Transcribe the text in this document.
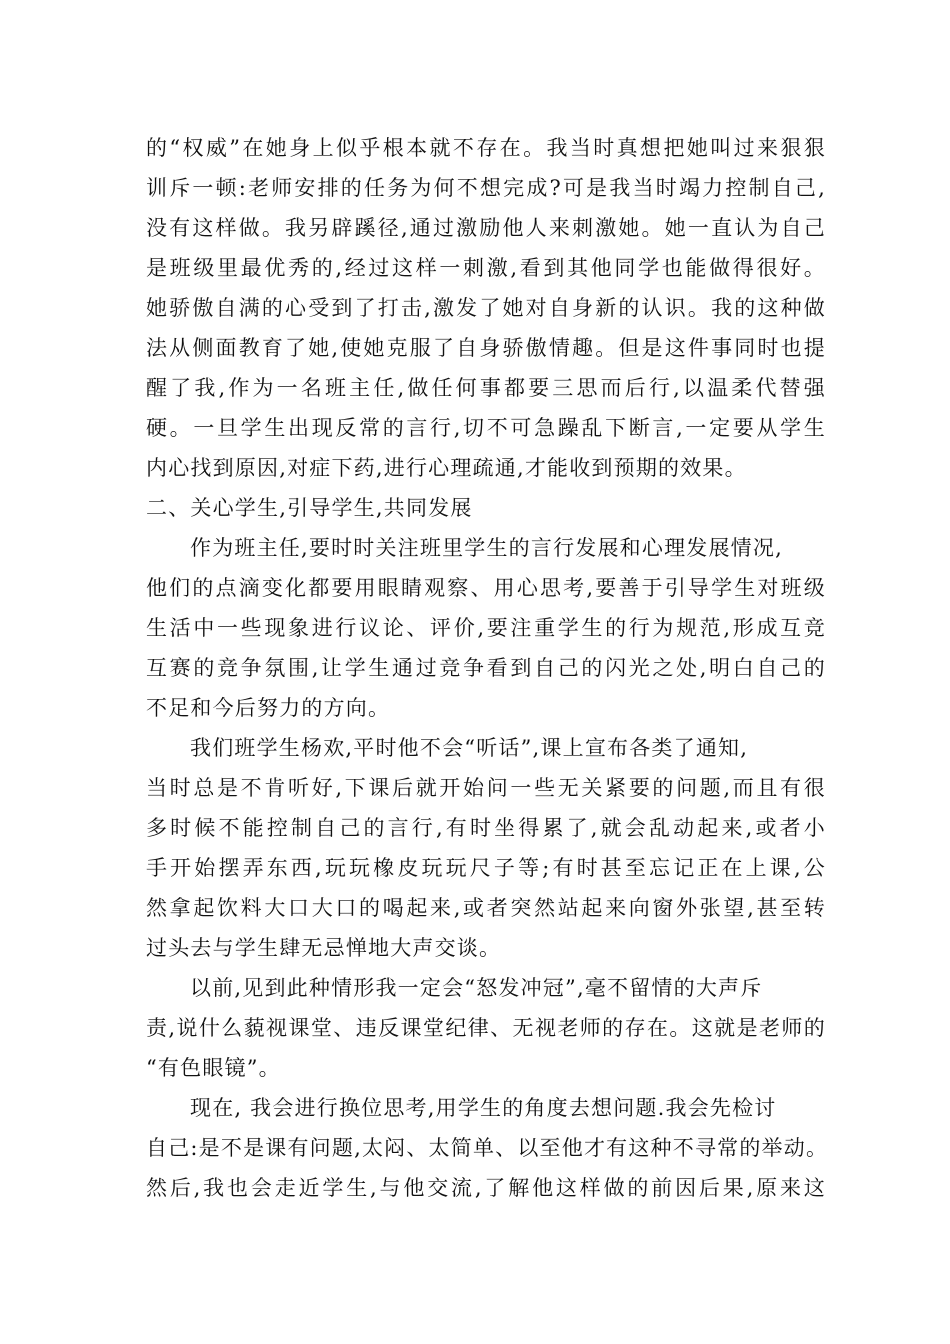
的“权威”在她身上似乎根本就不存在。我当时真想把她叫过来狠狠
训斥一顿:老师安排的任务为何不想完成?可是我当时竭力控制自己,
没有这样做。我另辟蹊径,通过激励他人来刺激她。她一直认为自己
是班级里最优秀的,经过这样一刺激,看到其他同学也能做得很好。
她骄傲自满的心受到了打击,激发了她对自身新的认识。我的这种做
法从侧面教育了她,使她克服了自身骄傲情趣。但是这件事同时也提
醒了我,作为一名班主任,做任何事都要三思而后行,以温柔代替强
硬。一旦学生出现反常的言行,切不可急躁乱下断言,一定要从学生
内心找到原因,对症下药,进行心理疏通,才能收到预期的效果。
二、关心学生,引导学生,共同发展
作为班主任,要时时关注班里学生的言行发展和心理发展情况,
他们的点滴变化都要用眼睛观察、用心思考,要善于引导学生对班级
生活中一些现象进行议论、评价,要注重学生的行为规范,形成互竞
互赛的竞争氛围,让学生通过竞争看到自己的闪光之处,明白自己的
不足和今后努力的方向。
我们班学生杨欢,平时他不会“听话”,课上宣布各类了通知,
当时总是不肯听好,下课后就开始问一些无关紧要的问题,而且有很
多时候不能控制自己的言行,有时坐得累了,就会乱动起来,或者小
手开始摆弄东西,玩玩橡皮玩玩尺子等;有时甚至忘记正在上课,公
然拿起饮料大口大口的喝起来,或者突然站起来向窗外张望,甚至转
过头去与学生肆无忌惮地大声交谈。
以前,见到此种情形我一定会“怒发冲冠”,毫不留情的大声斥
责,说什么藐视课堂、违反课堂纪律、无视老师的存在。这就是老师的
“有色眼镜”。
现在, 我会进行换位思考,用学生的角度去想问题.我会先检讨
自己:是不是课有问题,太闷、太简单、以至他才有这种不寻常的举动。
然后,我也会走近学生,与他交流,了解他这样做的前因后果,原来这
